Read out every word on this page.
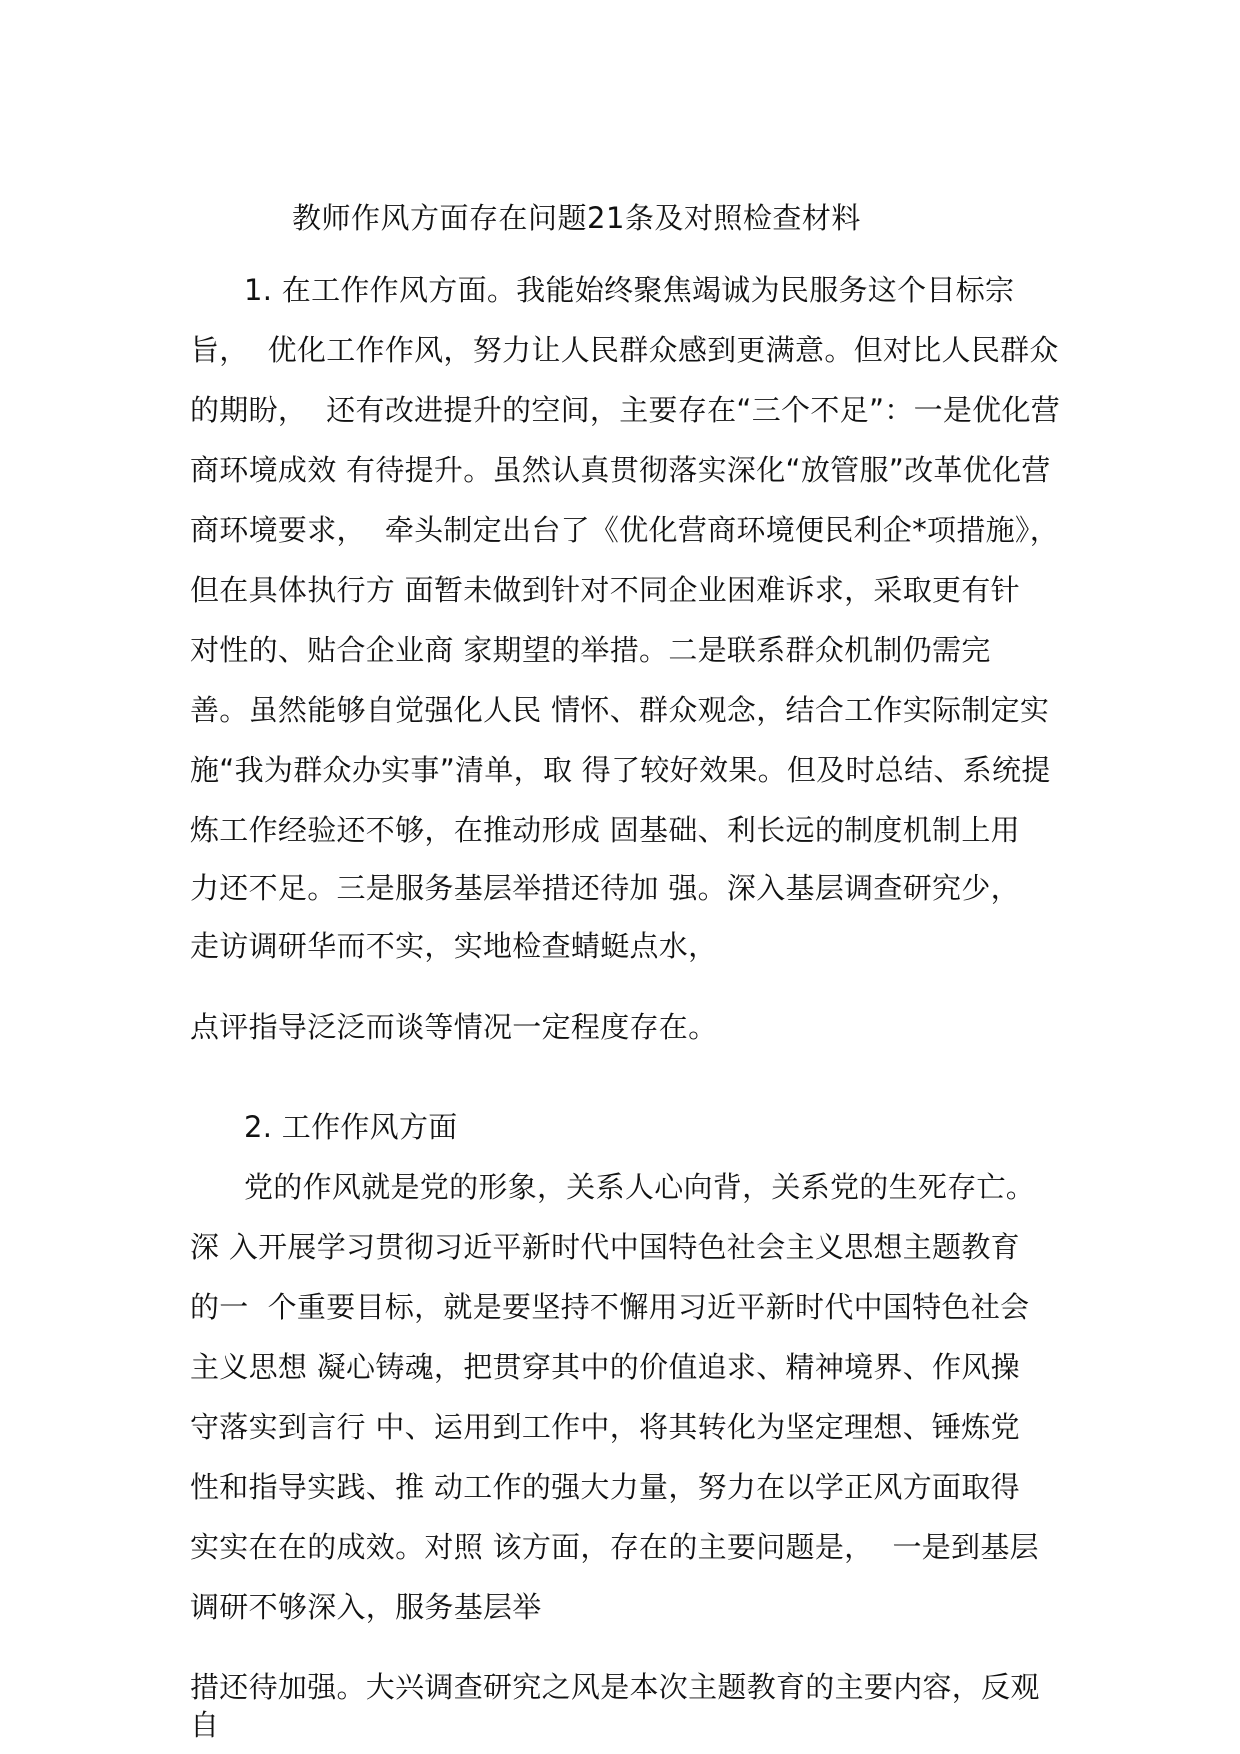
教师作风方面存在问题21条及对照检查材料
1. 在工作作风方面。我能始终聚焦竭诚为民服务这个目标宗
旨，  优化工作作风，努力让人民群众感到更满意。但对比人民群众
的期盼，  还有改进提升的空间，主要存在“三个不足”：一是优化营
商环境成效 有待提升。虽然认真贯彻落实深化“放管服”改革优化营
商环境要求，  牵头制定出台了《优化营商环境便民利企*项措施》，
但在具体执行方 面暂未做到针对不同企业困难诉求，采取更有针
对性的、贴合企业商 家期望的举措。二是联系群众机制仍需完
善。虽然能够自觉强化人民 情怀、群众观念，结合工作实际制定实
施“我为群众办实事”清单，取 得了较好效果。但及时总结、系统提
炼工作经验还不够，在推动形成 固基础、利长远的制度机制上用
力还不足。三是服务基层举措还待加 强。深入基层调查研究少，
走访调研华而不实，实地检查蜻蜓点水，
点评指导泛泛而谈等情况一定程度存在。
2. 工作作风方面
党的作风就是党的形象，关系人心向背，关系党的生死存亡。
深 入开展学习贯彻习近平新时代中国特色社会主义思想主题教育
的一  个重要目标，就是要坚持不懈用习近平新时代中国特色社会
主义思想 凝心铸魂，把贯穿其中的价值追求、精神境界、作风操
守落实到言行 中、运用到工作中，将其转化为坚定理想、锤炼党
性和指导实践、推 动工作的强大力量，努力在以学正风方面取得
实实在在的成效。对照 该方面，存在的主要问题是，  一是到基层
调研不够深入，服务基层举
措还待加强。大兴调查研究之风是本次主题教育的主要内容，反观
自
